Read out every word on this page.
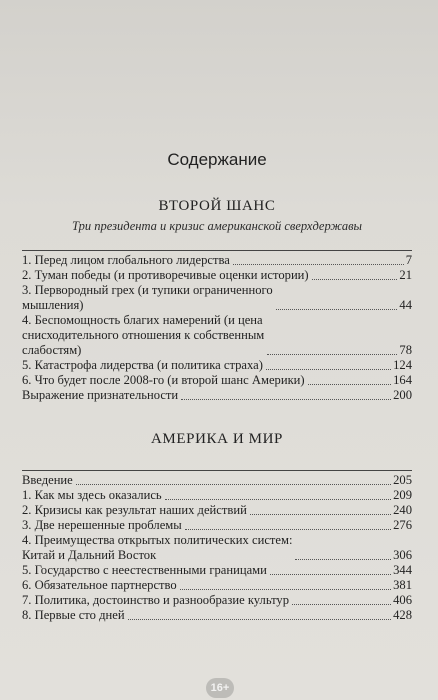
Содержание
ВТОРОЙ ШАНС
Три президента и кризис американской сверхдержавы
1. Перед лицом глобального лидерства	7
2. Туман победы (и противоречивые оценки истории)	21
3. Первородный грех (и тупики ограниченного
мышления)	44
4. Беспомощность благих намерений (и цена
снисходительного отношения к собственным
слабостям)	78
5. Катастрофа лидерства (и политика страха)	124
6. Что будет после 2008-го (и второй шанс Америки)	164
Выражение признательности	200
АМЕРИКА И МИР
Введение	205
1. Как мы здесь оказались	209
2. Кризисы как результат наших действий	240
3. Две нерешенные проблемы	276
4. Преимущества открытых политических систем:
Китай и Дальний Восток	306
5. Государство с неестественными границами	344
6. Обязательное партнерство	381
7. Политика, достоинство и разнообразие культур	406
8. Первые сто дней	428
16+
